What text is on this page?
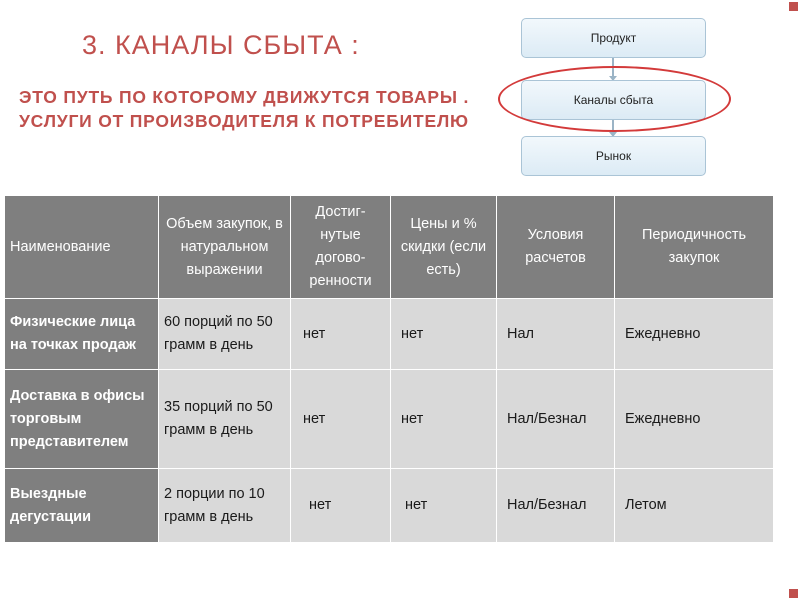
3. КАНАЛЫ СБЫТА :
ЭТО ПУТЬ ПО КОТОРОМУ ДВИЖУТСЯ ТОВАРЫ . УСЛУГИ ОТ ПРОИЗВОДИТЕЛЯ К ПОТРЕБИТЕЛЮ
Продукт
Каналы сбыта
Рынок
Наименование	Объем закупок, в натуральном выражении	Достиг-нутые догово-ренности	Цены и % скидки (если есть)	Условия расчетов	Периодичность закупок
Физические лица на точках продаж	60 порций по 50 грамм в день	нет	нет	Нал	Ежедневно
Доставка в офисы торговым представителем	35 порций по 50 грамм в день	нет	нет	Нал/Безнал	Ежедневно
Выездные дегустации	2 порции по 10 грамм в день	нет	нет	Нал/Безнал	Летом
